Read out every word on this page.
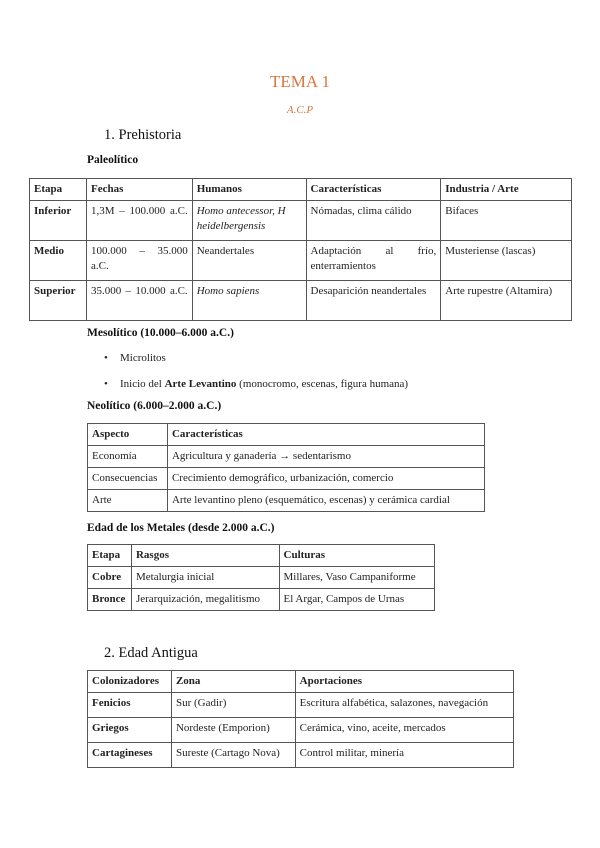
TEMA 1
A.C.P
1. Prehistoria
Paleolítico
Etapa	Fechas	Humanos	Características	Industria / Arte
Inferior	1,3M – 100.000 a.C.	Homo antecessor, H heidelbergensis	Nómadas, clima cálido	Bifaces
Medio	100.000 – 35.000 a.C.	Neandertales	Adaptación al frío, enterramientos	Musteriense (lascas)
Superior	35.000 – 10.000 a.C.	Homo sapiens	Desaparición neandertales	Arte rupestre (Altamira)
Mesolítico (10.000–6.000 a.C.)
• Microlitos
• Inicio del Arte Levantino (monocromo, escenas, figura humana)
Neolítico (6.000–2.000 a.C.)
Aspecto	Características
Economía	Agricultura y ganadería → sedentarismo
Consecuencias	Crecimiento demográfico, urbanización, comercio
Arte	Arte levantino pleno (esquemático, escenas) y cerámica cardial
Edad de los Metales (desde 2.000 a.C.)
Etapa	Rasgos	Culturas
Cobre	Metalurgia inicial	Millares, Vaso Campaniforme
Bronce	Jerarquización, megalitismo	El Argar, Campos de Urnas
2. Edad Antigua
Colonizadores	Zona	Aportaciones
Fenicios	Sur (Gadir)	Escritura alfabética, salazones, navegación
Griegos	Nordeste (Emporion)	Cerámica, vino, aceite, mercados
Cartagineses	Sureste (Cartago Nova)	Control militar, minería
